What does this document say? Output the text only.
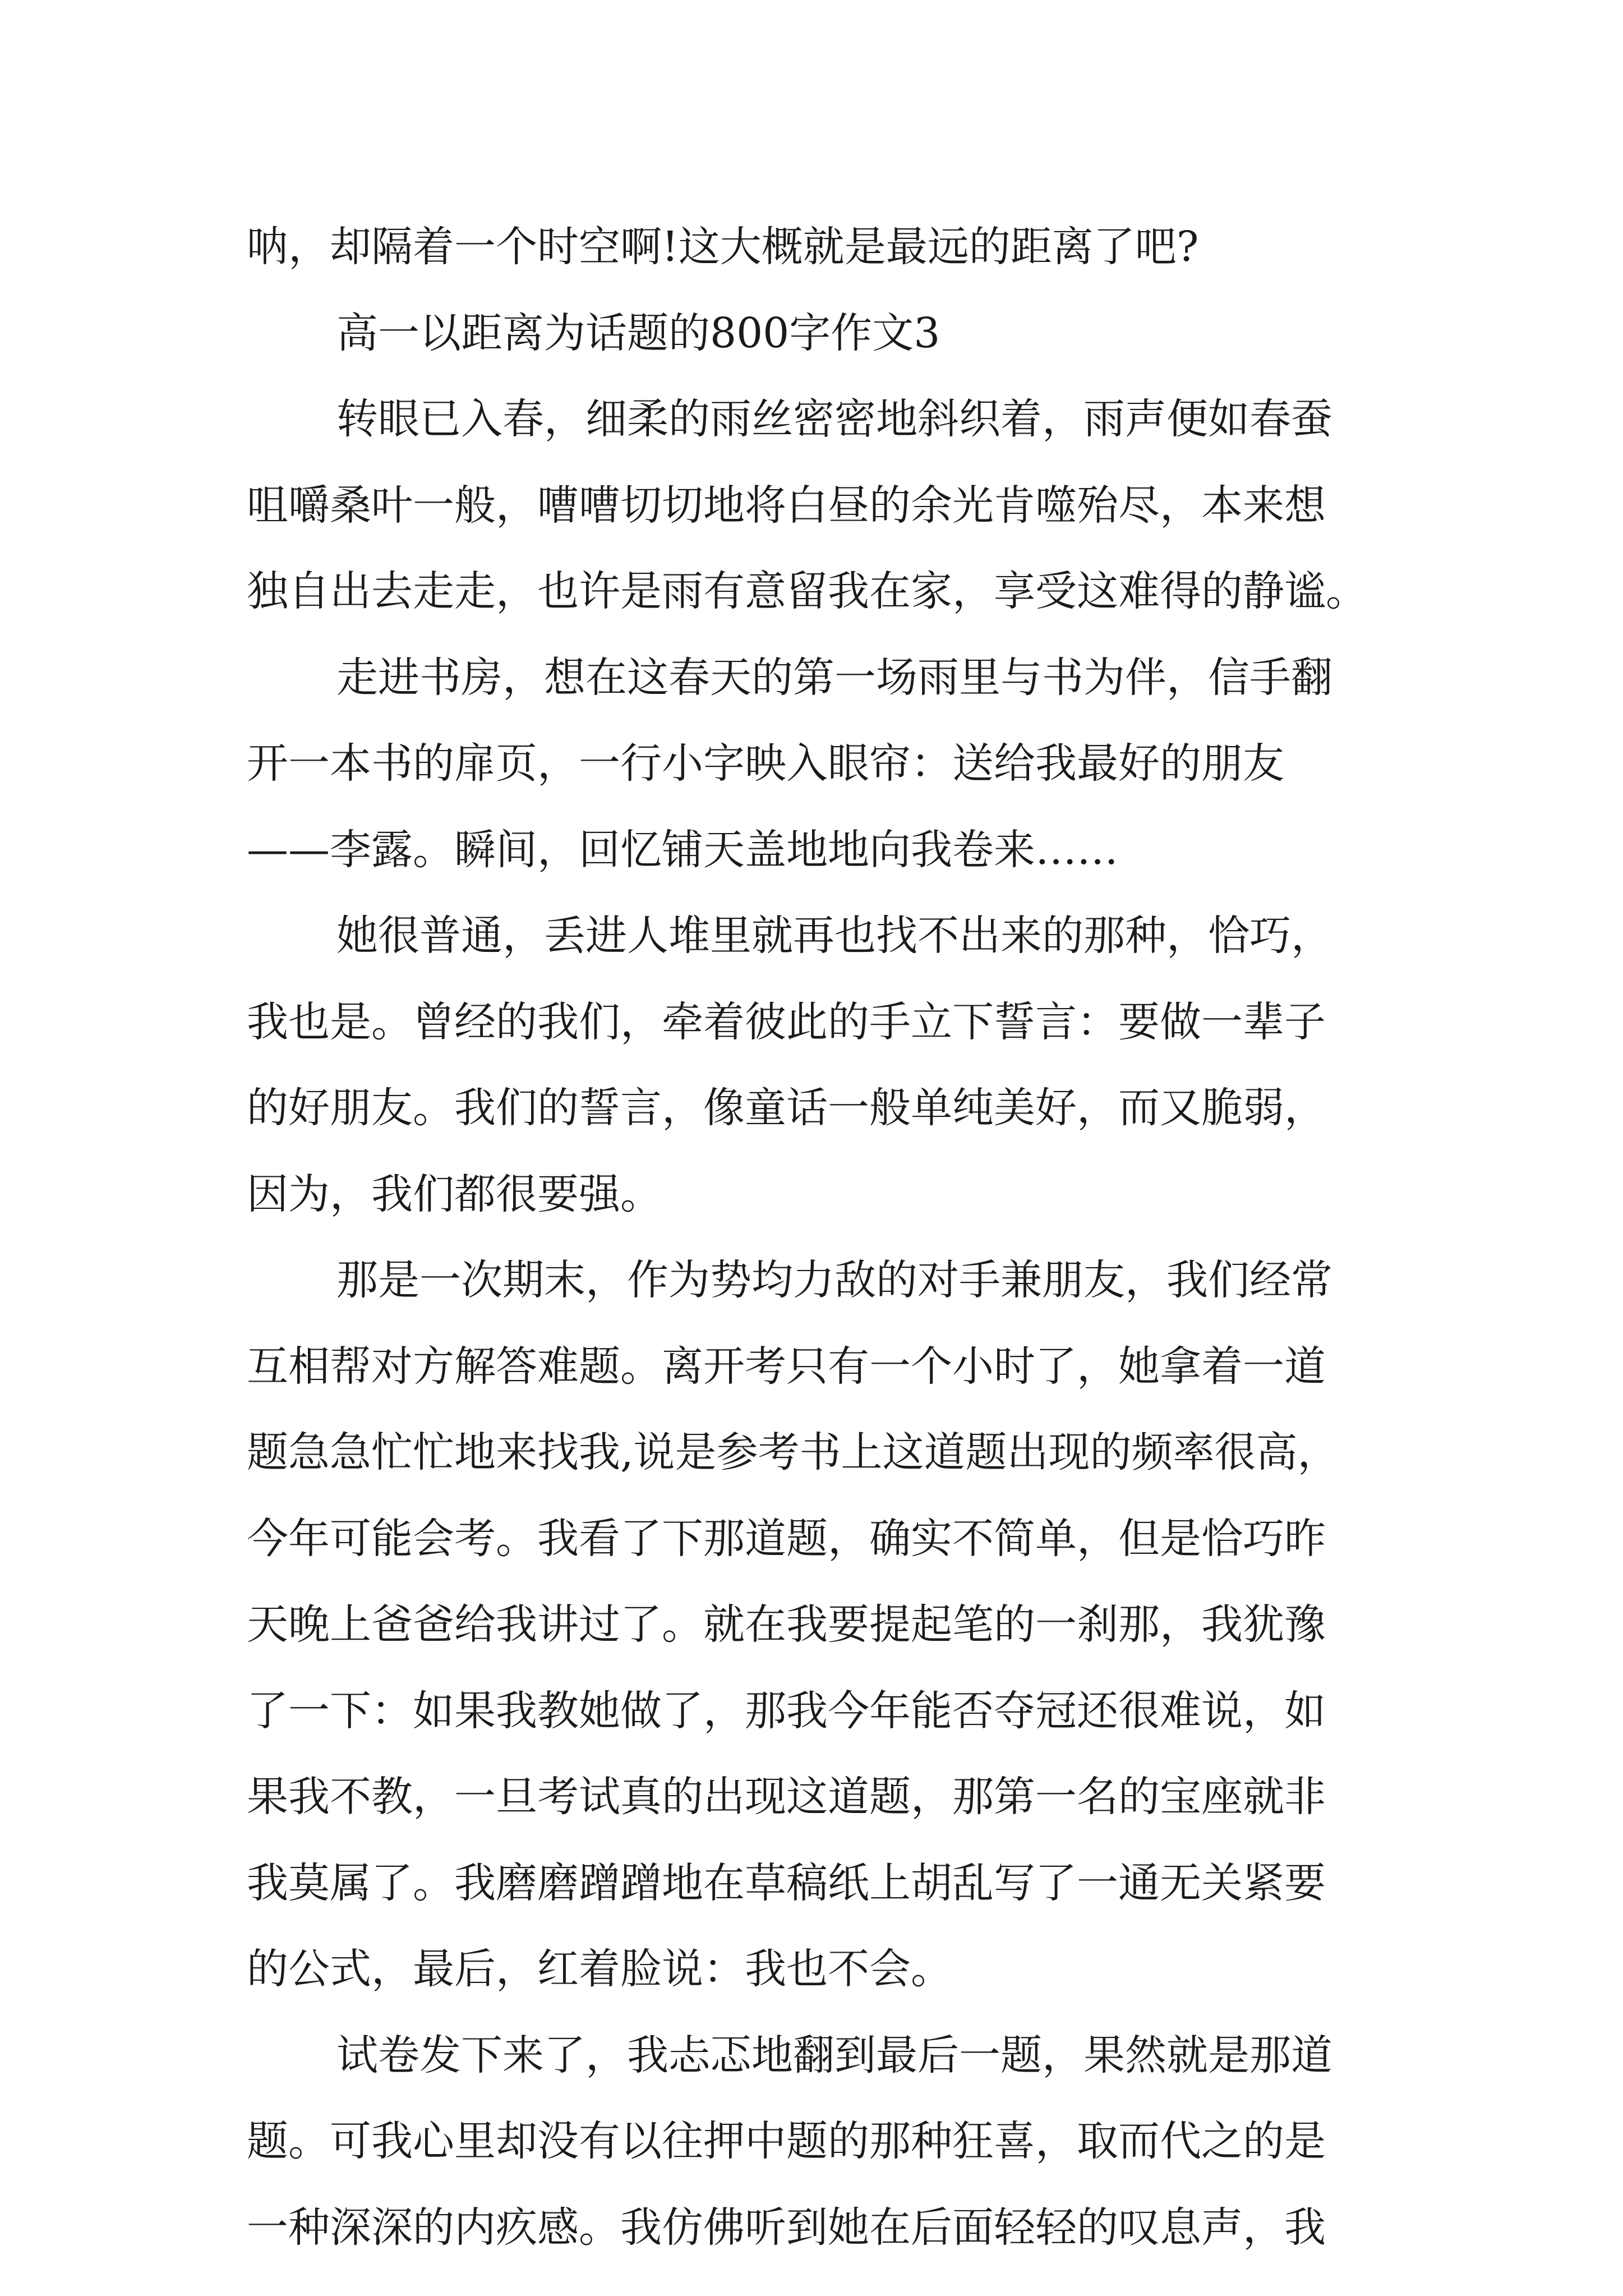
呐，却隔着一个时空啊!这大概就是最远的距离了吧?
高一以距离为话题的800字作文3
转眼已入春，细柔的雨丝密密地斜织着，雨声便如春蚕
咀嚼桑叶一般，嘈嘈切切地将白昼的余光肯噬殆尽，本来想
独自出去走走，也许是雨有意留我在家，享受这难得的静谧。
走进书房，想在这春天的第一场雨里与书为伴，信手翻
开一本书的扉页，一行小字映入眼帘：送给我最好的朋友
——李露。瞬间，回忆铺天盖地地向我卷来……
她很普通，丢进人堆里就再也找不出来的那种，恰巧，
我也是。曾经的我们，牵着彼此的手立下誓言：要做一辈子
的好朋友。我们的誓言，像童话一般单纯美好，而又脆弱，
因为，我们都很要强。
那是一次期末，作为势均力敌的对手兼朋友，我们经常
互相帮对方解答难题。离开考只有一个小时了，她拿着一道
题急急忙忙地来找我,说是参考书上这道题出现的频率很高，
今年可能会考。我看了下那道题，确实不简单，但是恰巧昨
天晚上爸爸给我讲过了。就在我要提起笔的一刹那，我犹豫
了一下：如果我教她做了，那我今年能否夺冠还很难说，如
果我不教，一旦考试真的出现这道题，那第一名的宝座就非
我莫属了。我磨磨蹭蹭地在草稿纸上胡乱写了一通无关紧要
的公式，最后，红着脸说：我也不会。
试卷发下来了，我忐忑地翻到最后一题，果然就是那道
题。可我心里却没有以往押中题的那种狂喜，取而代之的是
一种深深的内疚感。我仿佛听到她在后面轻轻的叹息声，我
